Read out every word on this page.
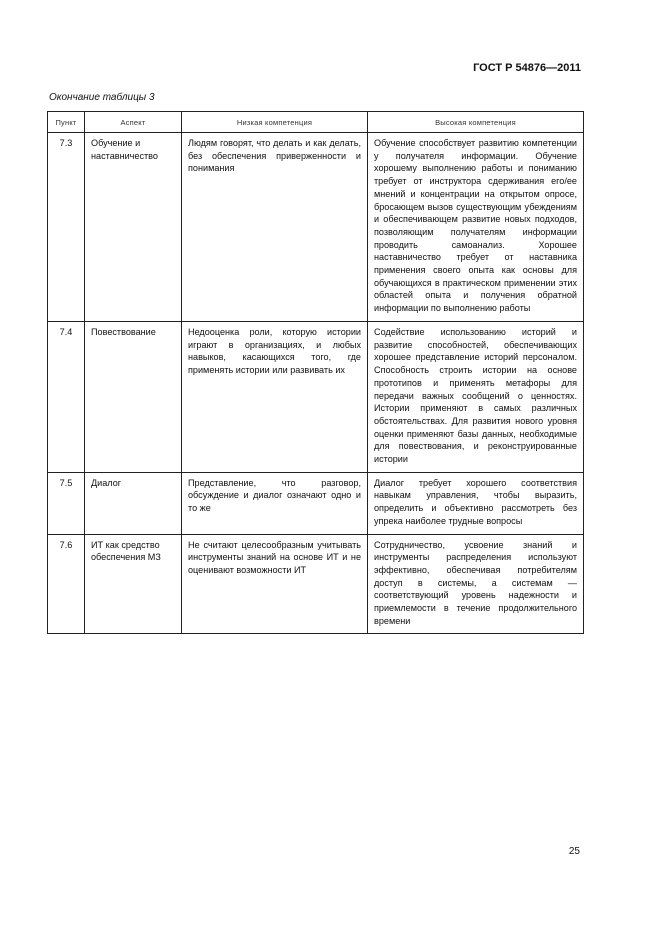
ГОСТ Р 54876—2011
Окончание таблицы 3
Пункт	Аспект	Низкая компетенция	Высокая компетенция
7.3	Обучение и наставничество	Людям говорят, что делать и как делать, без обеспечения приверженности и понимания	Обучение способствует развитию компетенции у получателя информации. Обучение хорошему выполнению работы и пониманию требует от инструктора сдерживания его/ее мнений и концентрации на открытом опросе, бросающем вызов существующим убеждениям и обеспечивающем развитие новых подходов, позволяющим получателям информации проводить самоанализ. Хорошее наставничество требует от наставника применения своего опыта как основы для обучающихся в практическом применении этих областей опыта и получения обратной информации по выполнению работы
7.4	Повествование	Недооценка роли, которую истории играют в организациях, и любых навыков, касающихся того, где применять истории или развивать их	Содействие использованию историй и развитие способностей, обеспечивающих хорошее представление историй персоналом. Способность строить истории на основе прототипов и применять метафоры для передачи важных сообщений о ценностях. Истории применяют в самых различных обстоятельствах. Для развития нового уровня оценки применяют базы данных, необходимые для повествования, и реконструированные истории
7.5	Диалог	Представление, что разговор, обсуждение и диалог означают одно и то же	Диалог требует хорошего соответствия навыкам управления, чтобы выразить, определить и объективно рассмотреть без упрека наиболее трудные вопросы
7.6	ИТ как средство обеспечения МЗ	Не считают целесообразным учитывать инструменты знаний на основе ИТ и не оценивают возможности ИТ	Сотрудничество, усвоение знаний и инструменты распределения используют эффективно, обеспечивая потребителям доступ в системы, а системам — соответствующий уровень надежности и приемлемости в течение продолжительного времени
25
